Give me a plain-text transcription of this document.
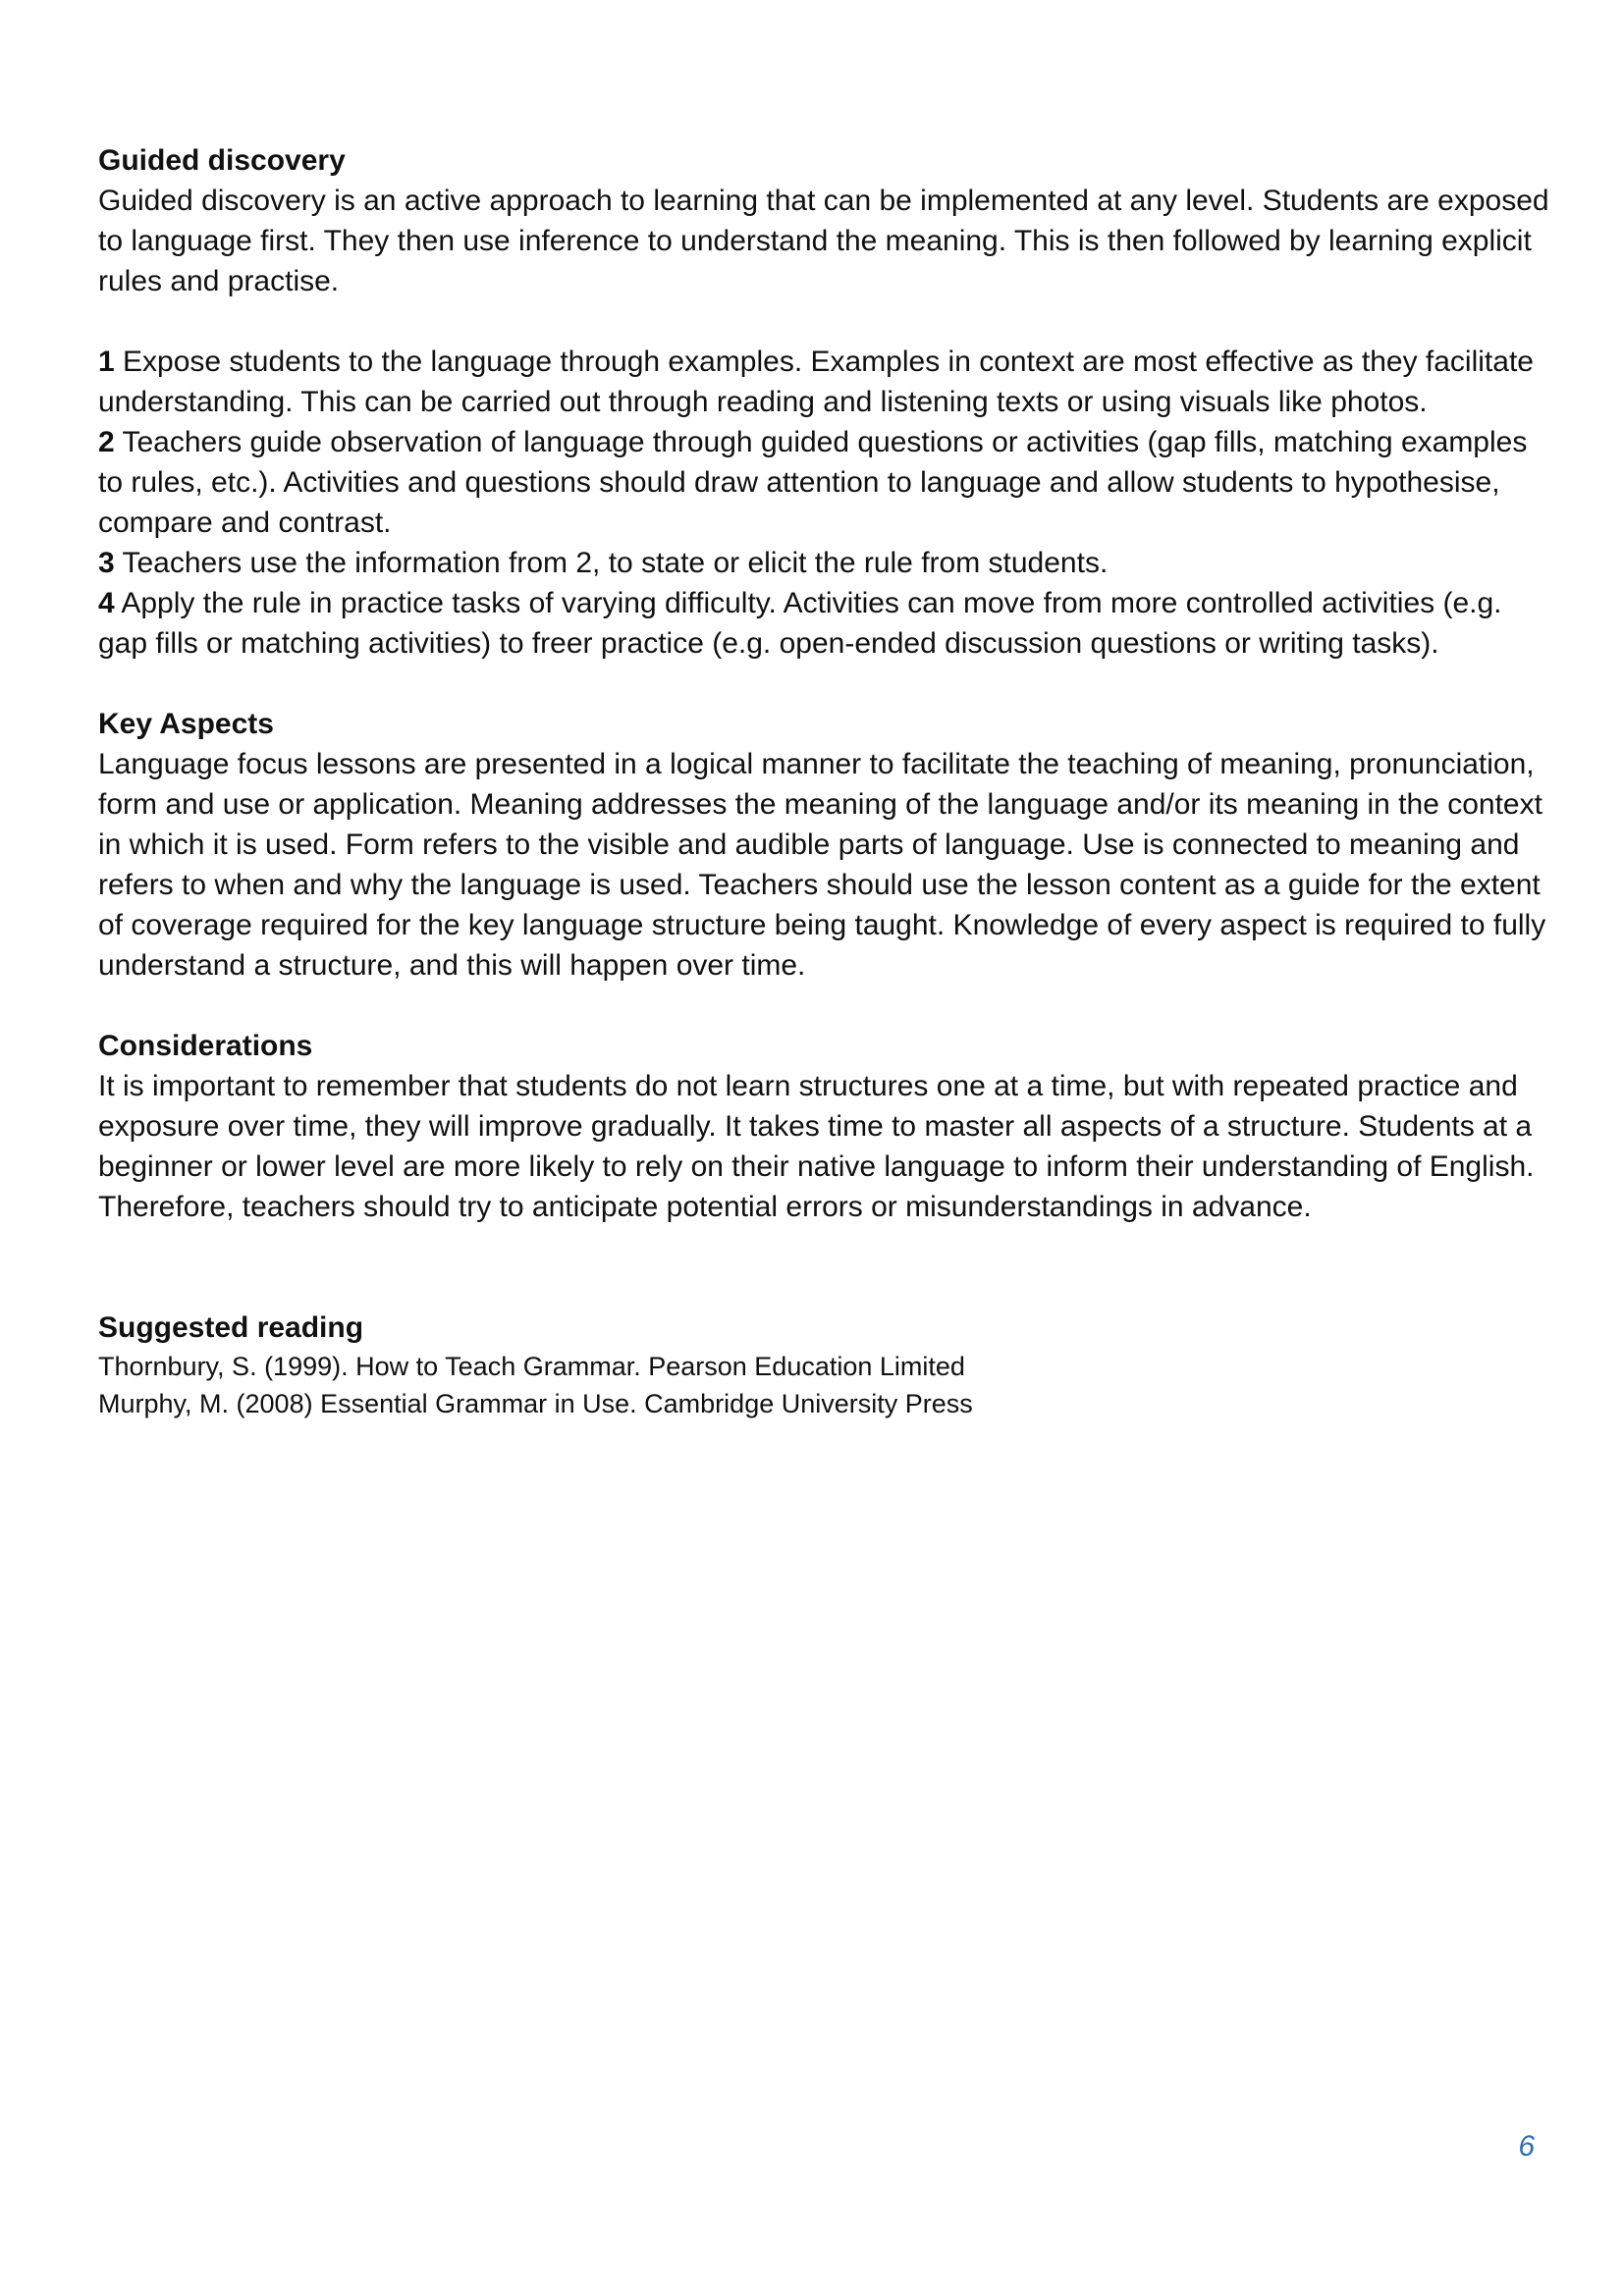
Guided discovery

Guided discovery is an active approach to learning that can be implemented at any level. Students are exposed to language first. They then use inference to understand the meaning. This is then followed by learning explicit rules and practise.

1 Expose students to the language through examples. Examples in context are most effective as they facilitate understanding. This can be carried out through reading and listening texts or using visuals like photos.

2 Teachers guide observation of language through guided questions or activities (gap fills, matching examples to rules, etc.). Activities and questions should draw attention to language and allow students to hypothesise, compare and contrast.

3 Teachers use the information from 2, to state or elicit the rule from students.

4 Apply the rule in practice tasks of varying difficulty. Activities can move from more controlled activities (e.g. gap fills or matching activities) to freer practice (e.g. open-ended discussion questions or writing tasks).

Key Aspects

Language focus lessons are presented in a logical manner to facilitate the teaching of meaning, pronunciation, form and use or application. Meaning addresses the meaning of the language and/or its meaning in the context in which it is used. Form refers to the visible and audible parts of language. Use is connected to meaning and refers to when and why the language is used. Teachers should use the lesson content as a guide for the extent of coverage required for the key language structure being taught. Knowledge of every aspect is required to fully understand a structure, and this will happen over time.

Considerations

It is important to remember that students do not learn structures one at a time, but with repeated practice and exposure over time, they will improve gradually. It takes time to master all aspects of a structure. Students at a beginner or lower level are more likely to rely on their native language to inform their understanding of English. Therefore, teachers should try to anticipate potential errors or misunderstandings in advance.

Suggested reading

Thornbury, S. (1999). How to Teach Grammar. Pearson Education Limited

Murphy, M. (2008) Essential Grammar in Use. Cambridge University Press

6
